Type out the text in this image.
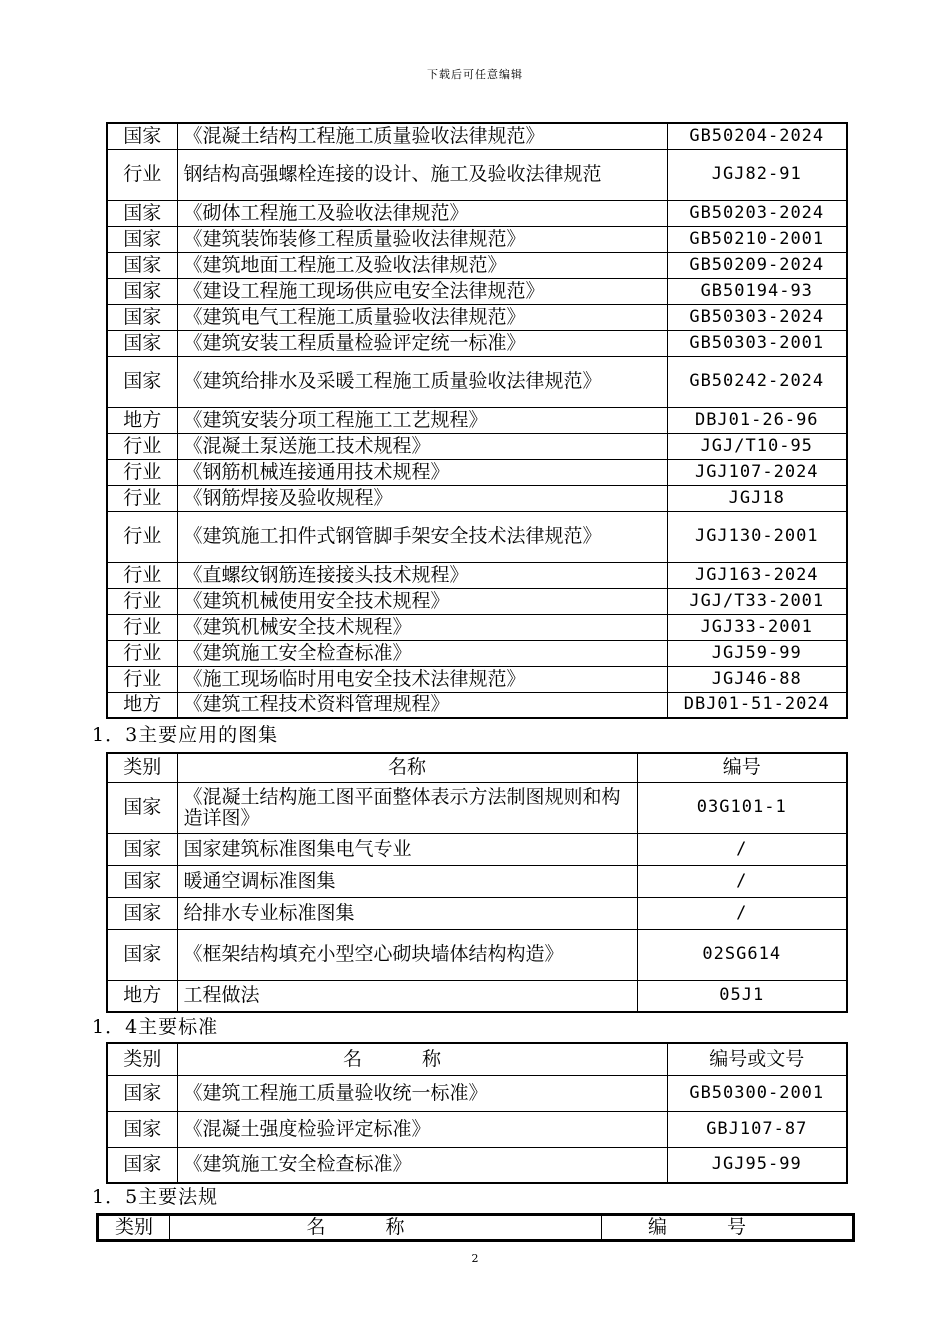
下载后可任意编辑
国家	《混凝土结构工程施工质量验收法律规范》	GB50204-2024
行业	钢结构高强螺栓连接的设计、施工及验收法律规范	JGJ82-91
国家	《砌体工程施工及验收法律规范》	GB50203-2024
国家	《建筑装饰装修工程质量验收法律规范》	GB50210-2001
国家	《建筑地面工程施工及验收法律规范》	GB50209-2024
国家	《建设工程施工现场供应电安全法律规范》	GB50194-93
国家	《建筑电气工程施工质量验收法律规范》	GB50303-2024
国家	《建筑安装工程质量检验评定统一标准》	GB50303-2001
国家	《建筑给排水及采暖工程施工质量验收法律规范》	GB50242-2024
地方	《建筑安装分项工程施工工艺规程》	DBJ01-26-96
行业	《混凝土泵送施工技术规程》	JGJ/T10-95
行业	《钢筋机械连接通用技术规程》	JGJ107-2024
行业	《钢筋焊接及验收规程》	JGJ18
行业	《建筑施工扣件式钢管脚手架安全技术法律规范》	JGJ130-2001
行业	《直螺纹钢筋连接接头技术规程》	JGJ163-2024
行业	《建筑机械使用安全技术规程》	JGJ/T33-2001
行业	《建筑机械安全技术规程》	JGJ33-2001
行业	《建筑施工安全检查标准》	JGJ59-99
行业	《施工现场临时用电安全技术法律规范》	JGJ46-88
地方	《建筑工程技术资料管理规程》	DBJ01-51-2024
1．3主要应用的图集
类别	名称	编号
国家	《混凝土结构施工图平面整体表示方法制图规则和构造详图》	03G101-1
国家	国家建筑标准图集电气专业	/
国家	暖通空调标准图集	/
国家	给排水专业标准图集	/
国家	《框架结构填充小型空心砌块墙体结构构造》	02SG614
地方	工程做法	05J1
1．4主要标准
类别	名称	编号或文号
国家	《建筑工程施工质量验收统一标准》	GB50300-2001
国家	《混凝土强度检验评定标准》	GBJ107-87
国家	《建筑施工安全检查标准》	JGJ95-99
1．5主要法规
类别	名称	编号
2
